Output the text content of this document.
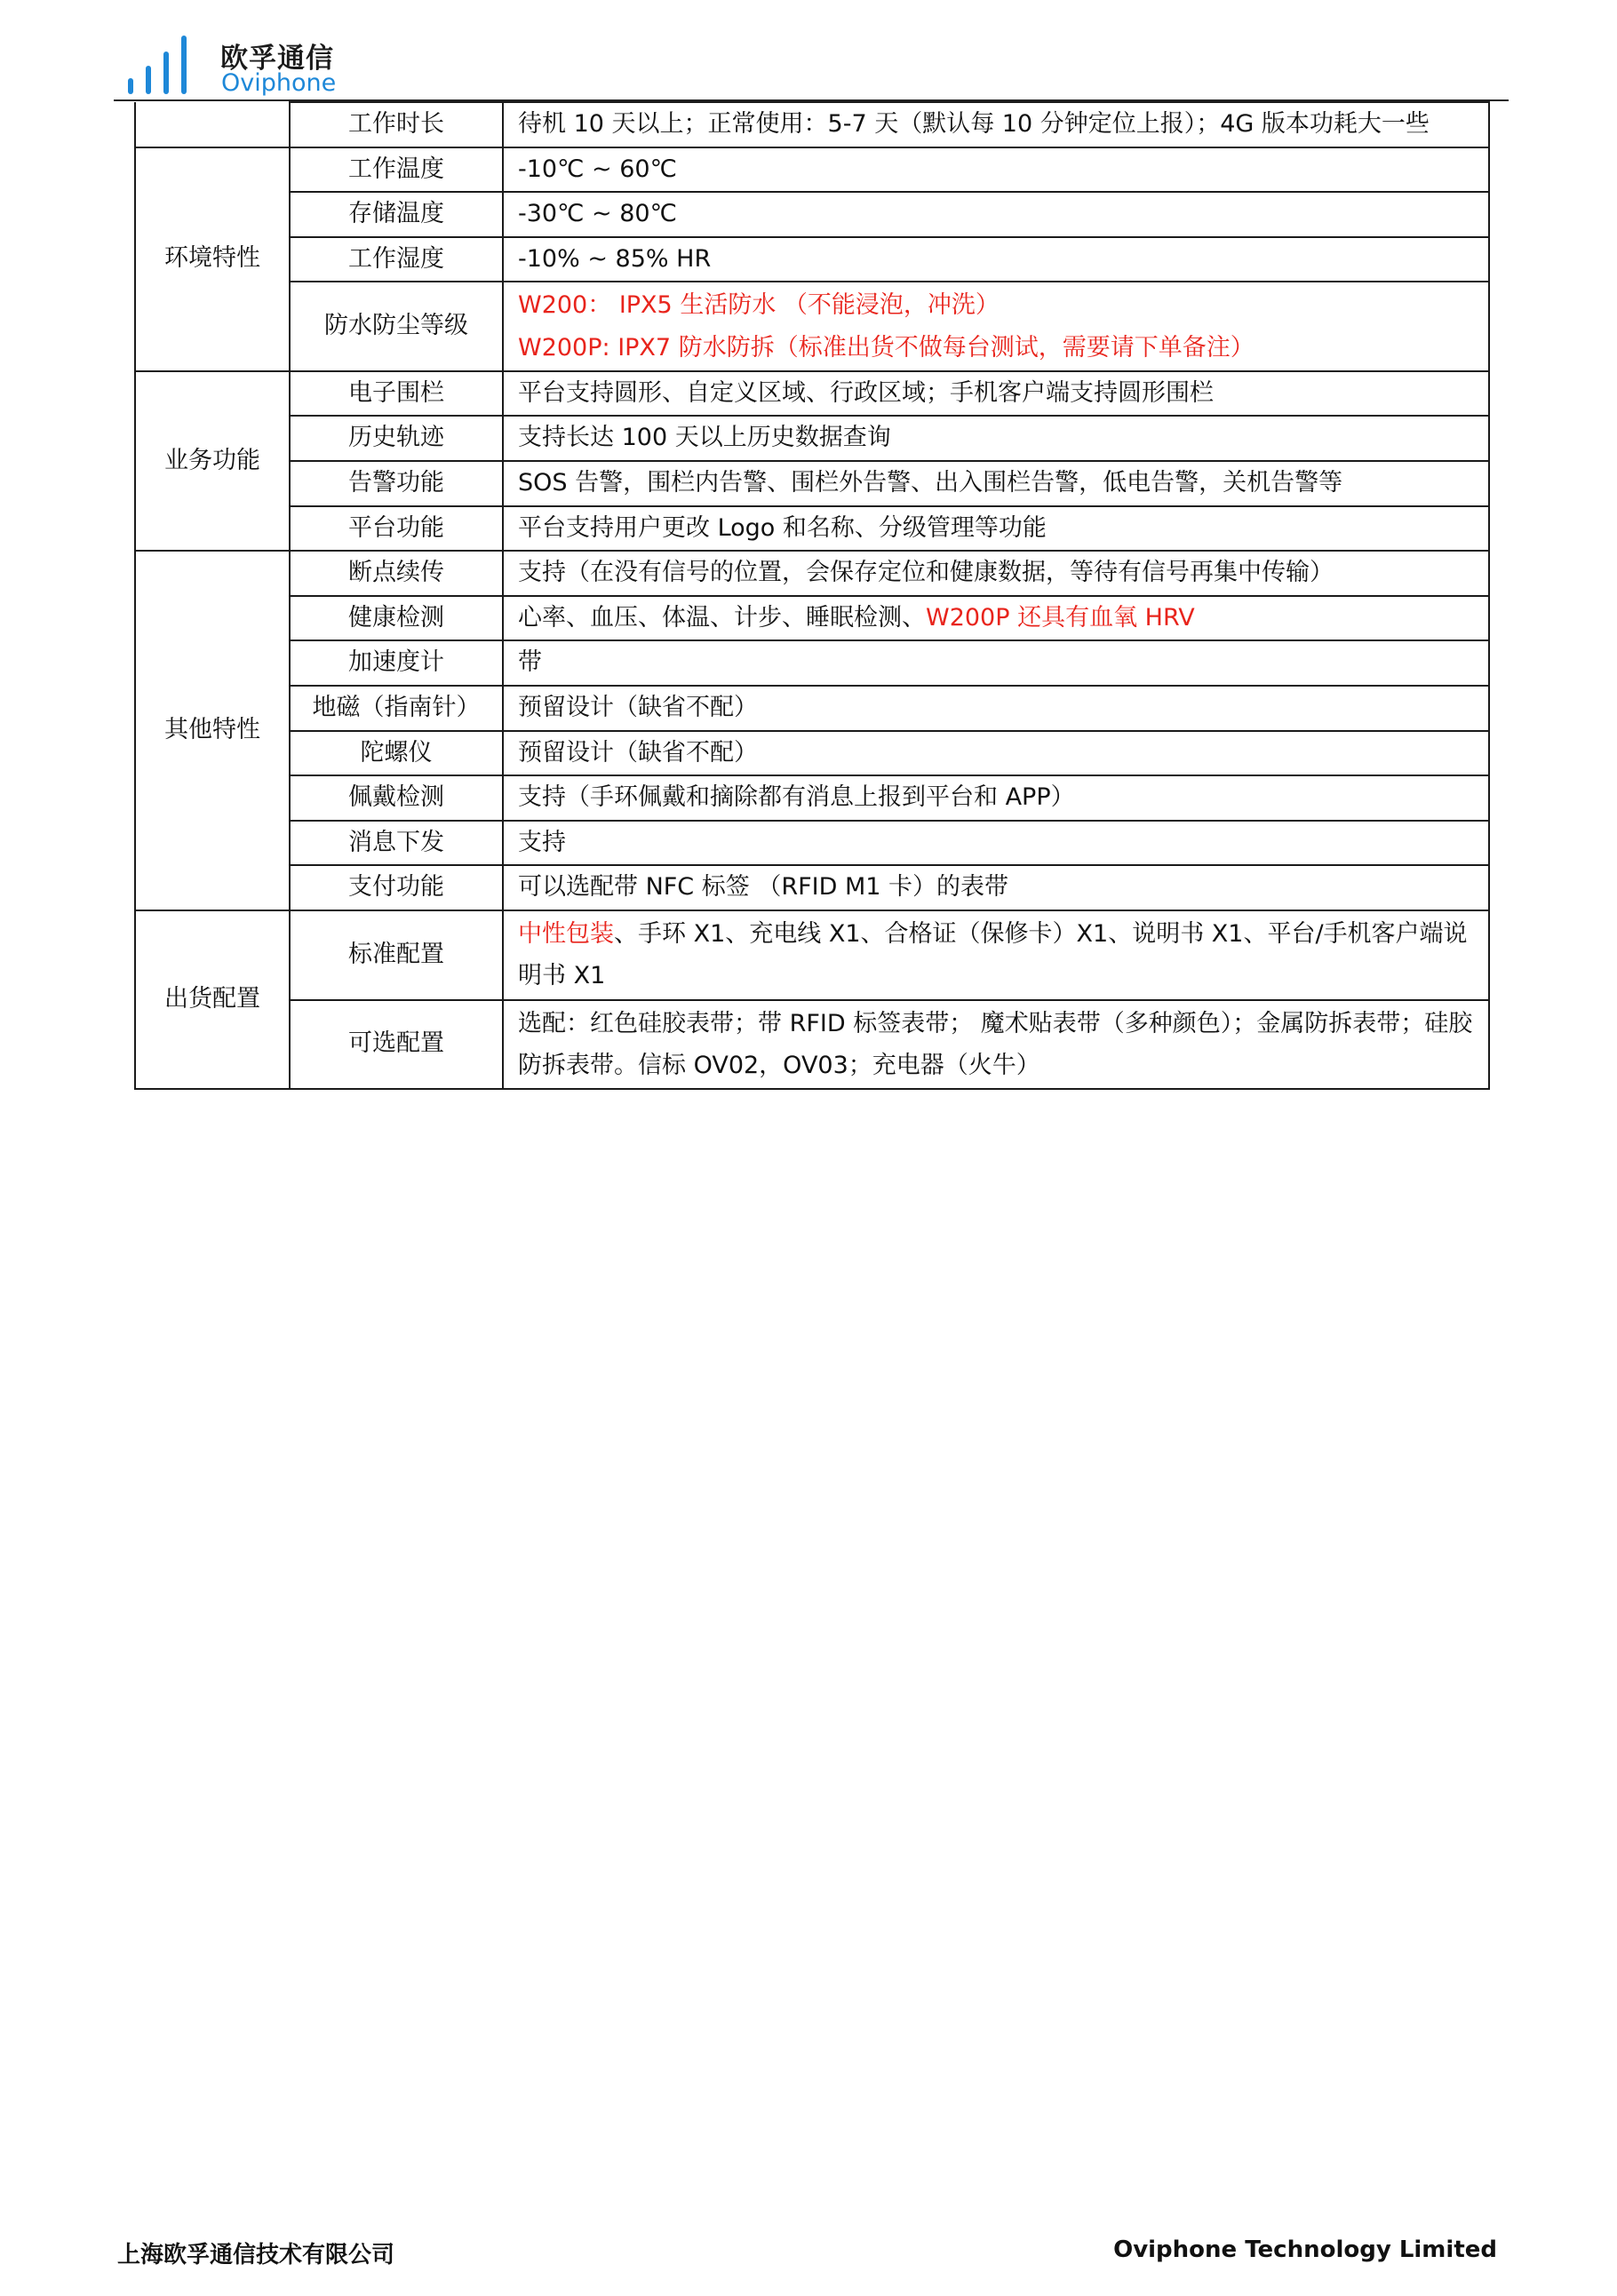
欧孚通信
Oviphone
	工作时长	待机 10 天以上；正常使用：5-7 天（默认每 10 分钟定位上报）；4G 版本功耗大一些
环境特性	工作温度	-10℃ ~ 60℃
	存储温度	-30℃ ~ 80℃
	工作湿度	-10% ~ 85% HR
	防水防尘等级	W200： IPX5 生活防水 （不能浸泡，冲洗）
W200P: IPX7 防水防拆（标准出货不做每台测试，需要请下单备注）

业务功能	电子围栏	平台支持圆形、自定义区域、行政区域；手机客户端支持圆形围栏
	历史轨迹	支持长达 100 天以上历史数据查询
	告警功能	SOS 告警，围栏内告警、围栏外告警、出入围栏告警，低电告警，关机告警等
	平台功能	平台支持用户更改 Logo 和名称、分级管理等功能
其他特性	断点续传	支持（在没有信号的位置，会保存定位和健康数据，等待有信号再集中传输）
	健康检测	心率、血压、体温、计步、睡眠检测、W200P 还具有血氧 HRV
	加速度计	带
	地磁（指南针）	预留设计（缺省不配）
	陀螺仪	预留设计（缺省不配）
	佩戴检测	支持（手环佩戴和摘除都有消息上报到平台和 APP）
	消息下发	支持
	支付功能	可以选配带 NFC 标签 （RFID M1 卡）的表带
出货配置	标准配置	中性包装、手环 X1、充电线 X1、合格证（保修卡）X1、说明书 X1、平台/手机客户端说明书 X1
	可选配置	选配：红色硅胶表带；带 RFID 标签表带； 魔术贴表带（多种颜色）；金属防拆表带；硅胶防拆表带。信标 OV02，OV03；充电器（火牛）
上海欧孚通信技术有限公司	Oviphone Technology Limited
